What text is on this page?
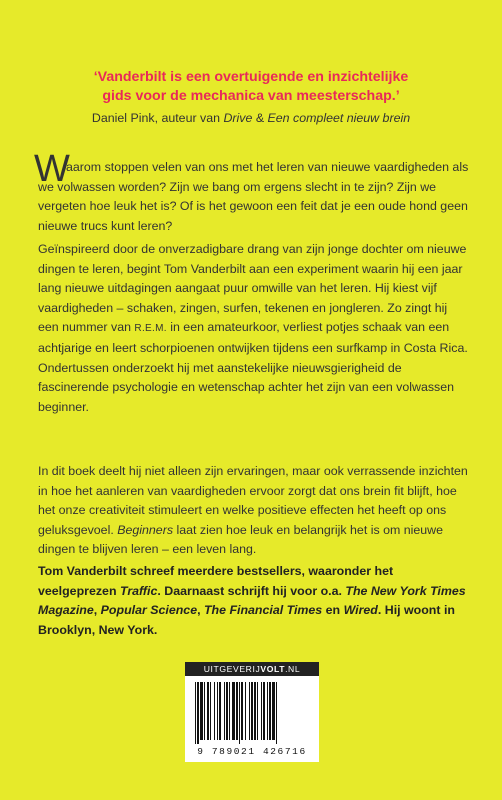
‘Vanderbilt is een overtuigende en inzichtelijke
gids voor de mechanica van meesterschap.’
Daniel Pink, auteur van Drive & Een compleet nieuw brein
W

aarom stoppen velen van ons met het leren van nieuwe vaardigheden als we volwassen worden? Zijn we bang om ergens slecht in te zijn? Zijn we vergeten hoe leuk het is? Of is het gewoon een feit dat je een oude hond geen nieuwe trucs kunt leren?

Geïnspireerd door de onverzadigbare drang van zijn jonge dochter om nieuwe dingen te leren, begint Tom Vanderbilt aan een experiment waarin hij een jaar lang nieuwe uitdagingen aangaat puur omwille van het leren. Hij kiest vijf vaardigheden – schaken, zingen, surfen, tekenen en jongleren. Zo zingt hij een nummer van R.E.M. in een amateurkoor, verliest potjes schaak van een achtjarige en leert schorpioenen ontwijken tijdens een surfkamp in Costa Rica. Ondertussen onderzoekt hij met aanstekelijke nieuwsgierigheid de fascinerende psychologie en wetenschap achter het zijn van een volwassen beginner.

In dit boek deelt hij niet alleen zijn ervaringen, maar ook verrassende inzichten in hoe het aanleren van vaardigheden ervoor zorgt dat ons brein fit blijft, hoe het onze creativiteit stimuleert en welke positieve effecten het heeft op ons geluksgevoel. Beginners laat zien hoe leuk en belangrijk het is om nieuwe dingen te blijven leren – een leven lang.

Tom Vanderbilt schreef meerdere bestsellers, waaronder het veelgeprezen Traffic. Daarnaast schrijft hij voor o.a. The New York Times Magazine, Popular Science, The Financial Times en Wired. Hij woont in Brooklyn, New York.

UITGEVERIJVOLT.NL
9 789021 426716
